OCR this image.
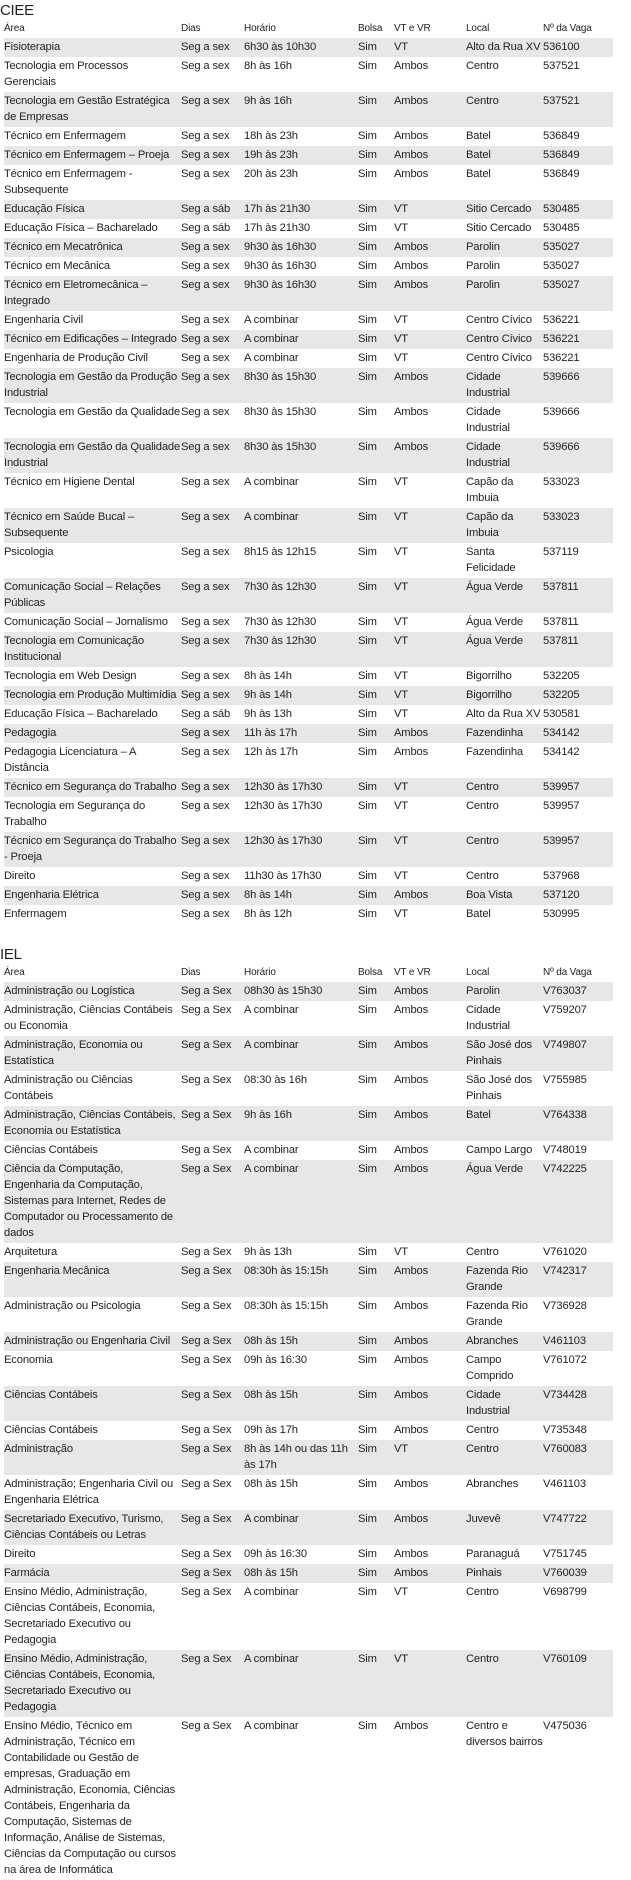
CIEE
Área	Dias	Horário	Bolsa	VT e VR	Local	Nº da Vaga
Fisioterapia	Seg a sex	6h30 às 10h30	Sim	VT	Alto da Rua XV	536100
Tecnologia em Processos Gerenciais	Seg a sex	8h às 16h	Sim	Ambos	Centro	537521
Tecnologia em Gestão Estratégica de Empresas	Seg a sex	9h às 16h	Sim	Ambos	Centro	537521
Técnico em Enfermagem	Seg a sex	18h às 23h	Sim	Ambos	Batel	536849
Técnico em Enfermagem – Proeja	Seg a sex	19h às 23h	Sim	Ambos	Batel	536849
Técnico em Enfermagem - Subsequente	Seg a sex	20h às 23h	Sim	Ambos	Batel	536849
Educação Física	Seg a sáb	17h às 21h30	Sim	VT	Sitio Cercado	530485
Educação Física – Bacharelado	Seg a sáb	17h às 21h30	Sim	VT	Sitio Cercado	530485
Técnico em Mecatrônica	Seg a sex	9h30 às 16h30	Sim	Ambos	Parolin	535027
Técnico em Mecânica	Seg a sex	9h30 às 16h30	Sim	Ambos	Parolin	535027
Técnico em Eletromecânica – Integrado	Seg a sex	9h30 às 16h30	Sim	Ambos	Parolin	535027
Engenharia Civil	Seg a sex	A combinar	Sim	VT	Centro Cívico	536221
Técnico em Edificações – Integrado	Seg a sex	A combinar	Sim	VT	Centro Cívico	536221
Engenharia de Produção Civil	Seg a sex	A combinar	Sim	VT	Centro Cívico	536221
Tecnologia em Gestão da Produção Industrial	Seg a sex	8h30 às 15h30	Sim	Ambos	Cidade Industrial	539666
Tecnologia em Gestão da Qualidade	Seg a sex	8h30 às 15h30	Sim	Ambos	Cidade Industrial	539666
Tecnologia em Gestão da Qualidade Industrial	Seg a sex	8h30 às 15h30	Sim	Ambos	Cidade Industrial	539666
Técnico em Higiene Dental	Seg a sex	A combinar	Sim	VT	Capão da Imbuia	533023
Técnico em Saúde Bucal – Subsequente	Seg a sex	A combinar	Sim	VT	Capão da Imbuia	533023
Psicologia	Seg a sex	8h15 às 12h15	Sim	VT	Santa Felicidade	537119
Comunicação Social – Relações Públicas	Seg a sex	7h30 às 12h30	Sim	VT	Água Verde	537811
Comunicação Social – Jornalismo	Seg a sex	7h30 às 12h30	Sim	VT	Água Verde	537811
Tecnologia em Comunicação Institucional	Seg a sex	7h30 às 12h30	Sim	VT	Água Verde	537811
Tecnologia em Web Design	Seg a sex	8h às 14h	Sim	VT	Bigorrilho	532205
Tecnologia em Produção Multimídia	Seg a sex	9h às 14h	Sim	VT	Bigorrilho	532205
Educação Física – Bacharelado	Seg a sáb	9h às 13h	Sim	VT	Alto da Rua XV	530581
Pedagogia	Seg a sex	11h às 17h	Sim	Ambos	Fazendinha	534142
Pedagogia Licenciatura – A Distância	Seg a sex	12h às 17h	Sim	Ambos	Fazendinha	534142
Técnico em Segurança do Trabalho	Seg a sex	12h30 às 17h30	Sim	VT	Centro	539957
Tecnologia em Segurança do Trabalho	Seg a sex	12h30 às 17h30	Sim	VT	Centro	539957
Técnico em Segurança do Trabalho - Proeja	Seg a sex	12h30 às 17h30	Sim	VT	Centro	539957
Direito	Seg a sex	11h30 às 17h30	Sim	VT	Centro	537968
Engenharia Elétrica	Seg a sex	8h às 14h	Sim	Ambos	Boa Vista	537120
Enfermagem	Seg a sex	8h às 12h	Sim	VT	Batel	530995
IEL
Área	Dias	Horário	Bolsa	VT e VR	Local	Nº da Vaga
Administração ou Logística	Seg a Sex	08h30 às 15h30	Sim	Ambos	Parolin	V763037
Administração, Ciências Contábeis ou Economia	Seg a Sex	A combinar	Sim	Ambos	Cidade Industrial	V759207
Administração, Economia ou Estatística	Seg a Sex	A combinar	Sim	Ambos	São José dos Pinhais	V749807
Administração ou Ciências Contábeis	Seg a Sex	08:30 às 16h	Sim	Ambos	São José dos Pinhais	V755985
Administração, Ciências Contábeis, Economia ou Estatística	Seg a Sex	9h às 16h	Sim	Ambos	Batel	V764338
Ciências Contábeis	Seg a Sex	A combinar	Sim	Ambos	Campo Largo	V748019
Ciência da Computação, Engenharia da Computação, Sistemas para Internet, Redes de Computador ou Processamento de dados	Seg a Sex	A combinar	Sim	Ambos	Água Verde	V742225
Arquitetura	Seg a Sex	9h às 13h	Sim	VT	Centro	V761020
Engenharia Mecânica	Seg a Sex	08:30h às 15:15h	Sim	Ambos	Fazenda Rio Grande	V742317
Administração ou Psicologia	Seg a Sex	08:30h às 15:15h	Sim	Ambos	Fazenda Rio Grande	V736928
Administração ou Engenharia Civil	Seg a Sex	08h às 15h	Sim	Ambos	Abranches	V461103
Economia	Seg a Sex	09h às 16:30	Sim	Ambos	Campo Comprido	V761072
Ciências Contábeis	Seg a Sex	08h às 15h	Sim	Ambos	Cidade Industrial	V734428
Ciências Contábeis	Seg a Sex	09h às 17h	Sim	Ambos	Centro	V735348
Administração	Seg a Sex	8h às 14h ou das 11h às 17h	Sim	VT	Centro	V760083
Administração; Engenharia Civil ou Engenharia Elétrica	Seg a Sex	08h às 15h	Sim	Ambos	Abranches	V461103
Secretariado Executivo, Turismo, Ciências Contábeis ou Letras	Seg a Sex	A combinar	Sim	Ambos	Juvevê	V747722
Direito	Seg a Sex	09h às 16:30	Sim	Ambos	Paranaguá	V751745
Farmácia	Seg a Sex	08h às 15h	Sim	Ambos	Pinhais	V760039
Ensino Médio, Administração, Ciências Contábeis, Economia, Secretariado Executivo ou Pedagogia	Seg a Sex	A combinar	Sim	VT	Centro	V698799
Ensino Médio, Administração, Ciências Contábeis, Economia, Secretariado Executivo ou Pedagogia	Seg a Sex	A combinar	Sim	VT	Centro	V760109
Ensino Médio, Técnico em Administração, Técnico em Contabilidade ou Gestão de empresas, Graduação em Administração, Economia, Ciências Contábeis, Engenharia da Computação, Sistemas de Informação, Análise de Sistemas, Ciências da Computação ou cursos na área de Informática	Seg a Sex	A combinar	Sim	Ambos	Centro e diversos bairros	V475036
